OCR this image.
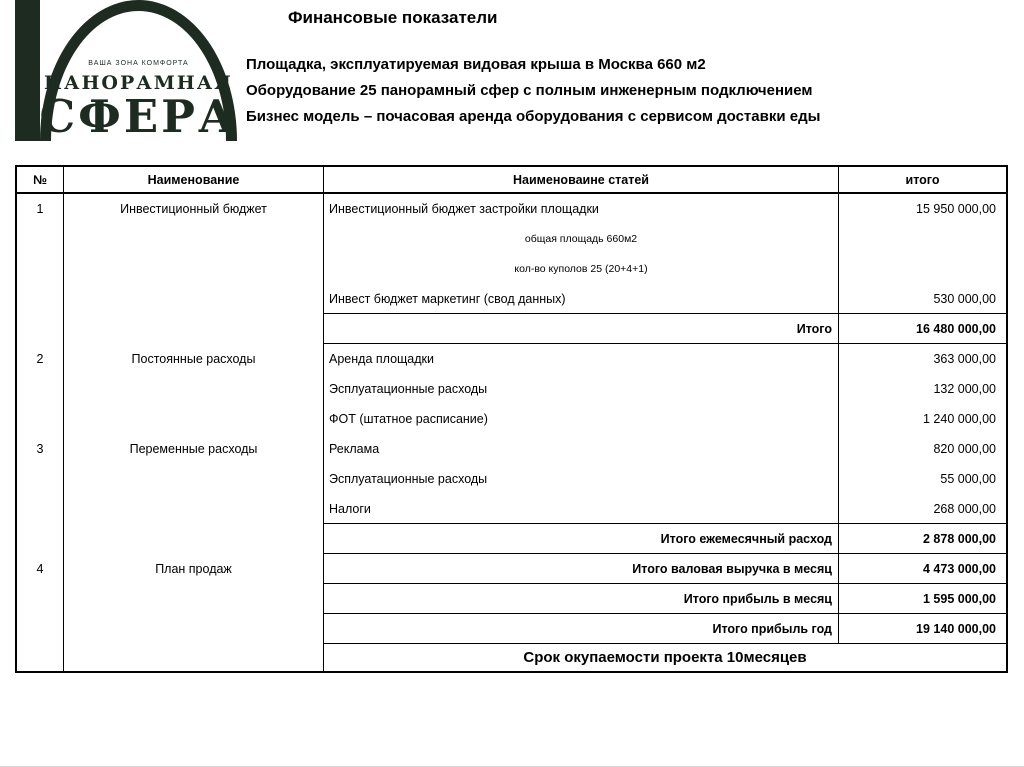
ВАША ЗОНА КОМФОРТА
ПАНОРАМНАЯ
СФЕРА
Финансовые показатели
Площадка, эксплуатируемая видовая крыша в Москва 660 м2
Оборудование 25 панорамный сфер с полным инженерным подключением
Бизнес модель – почасовая аренда оборудования с сервисом доставки еды
№	Наименование	Наименоваине статей	итого
1	Инвестиционный бюджет	Инвестиционный бюджет застройки площадки	15 950 000,00
общая площадь 660м2
кол-во куполов 25 (20+4+1)
Инвест бюджет маркетинг (свод данных)	530 000,00
Итого	16 480 000,00
2	Постоянные расходы	Аренда площадки	363 000,00
Эсплуатационные расходы	132 000,00
ФОТ (штатное расписание)	1 240 000,00
3	Переменные расходы	Реклама	820 000,00
Эсплуатационные расходы	55 000,00
Налоги	268 000,00
Итого ежемесячный расход	2 878 000,00
4	План продаж	Итого валовая выручка в месяц	4 473 000,00
Итого прибыль в месяц	1 595 000,00
Итого прибыль год	19 140 000,00
Срок окупаемости проекта 10месяцев
